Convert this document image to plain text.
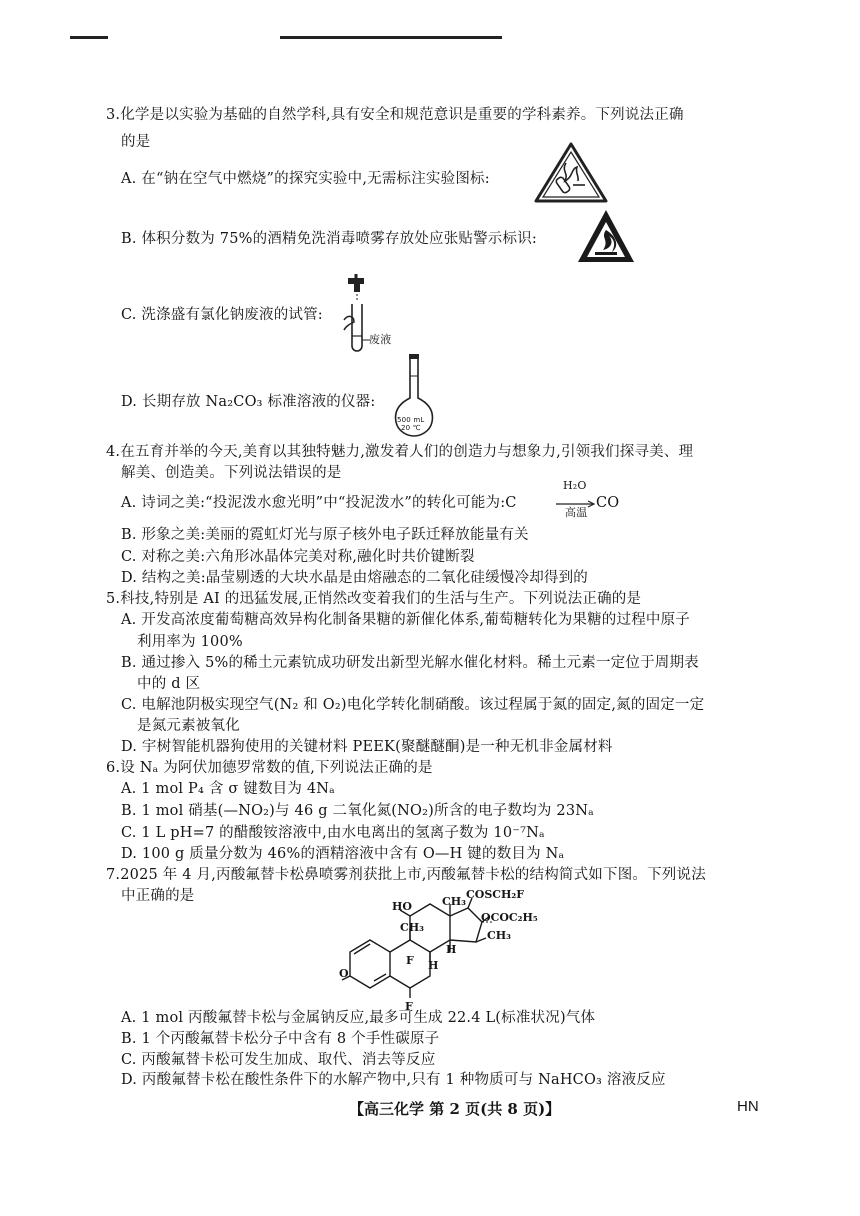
3.化学是以实验为基础的自然学科,具有安全和规范意识是重要的学科素养。下列说法正确
的是
A. 在“钠在空气中燃烧”的探究实验中,无需标注实验图标:
B. 体积分数为 75%的酒精免洗消毒喷雾存放处应张贴警示标识:
C. 洗涤盛有氯化钠废液的试管:
废液
D. 长期存放 Na₂CO₃ 标准溶液的仪器:
500 mL
20 ℃
4.在五育并举的今天,美育以其独特魅力,激发着人们的创造力与想象力,引领我们探寻美、理
解美、创造美。下列说法错误的是
A. 诗词之美:“投泥泼水愈光明”中“投泥泼水”的转化可能为:C
H₂O
高温
CO
B. 形象之美:美丽的霓虹灯光与原子核外电子跃迁释放能量有关
C. 对称之美:六角形冰晶体完美对称,融化时共价键断裂
D. 结构之美:晶莹剔透的大块水晶是由熔融态的二氧化硅缓慢冷却得到的
5.科技,特别是 AI 的迅猛发展,正悄然改变着我们的生活与生产。下列说法正确的是
A. 开发高浓度葡萄糖高效异构化制备果糖的新催化体系,葡萄糖转化为果糖的过程中原子
利用率为 100%
B. 通过掺入 5%的稀土元素钪成功研发出新型光解水催化材料。稀土元素一定位于周期表
中的 d 区
C. 电解池阴极实现空气(N₂ 和 O₂)电化学转化制硝酸。该过程属于氮的固定,氮的固定一定
是氮元素被氧化
D. 宇树智能机器狗使用的关键材料 PEEK(聚醚醚酮)是一种无机非金属材料
6.设 Nₐ 为阿伏加德罗常数的值,下列说法正确的是
A. 1 mol P₄ 含 σ 键数目为 4Nₐ
B. 1 mol 硝基(—NO₂)与 46 g 二氧化氮(NO₂)所含的电子数均为 23Nₐ
C. 1 L pH=7 的醋酸铵溶液中,由水电离出的氢离子数为 10⁻⁷Nₐ
D. 100 g 质量分数为 46%的酒精溶液中含有 O—H 键的数目为 Nₐ
7.2025 年 4 月,丙酸氟替卡松鼻喷雾剂获批上市,丙酸氟替卡松的结构简式如下图。下列说法
中正确的是
HO	CH₃
COSCH₂F
OCOC₂H₅
CH₃
CH₃
H
H
F
F
O
A. 1 mol 丙酸氟替卡松与金属钠反应,最多可生成 22.4 L(标准状况)气体
B. 1 个丙酸氟替卡松分子中含有 8 个手性碳原子
C. 丙酸氟替卡松可发生加成、取代、消去等反应
D. 丙酸氟替卡松在酸性条件下的水解产物中,只有 1 种物质可与 NaHCO₃ 溶液反应
【高三化学 第 2 页(共 8 页)】	HN
